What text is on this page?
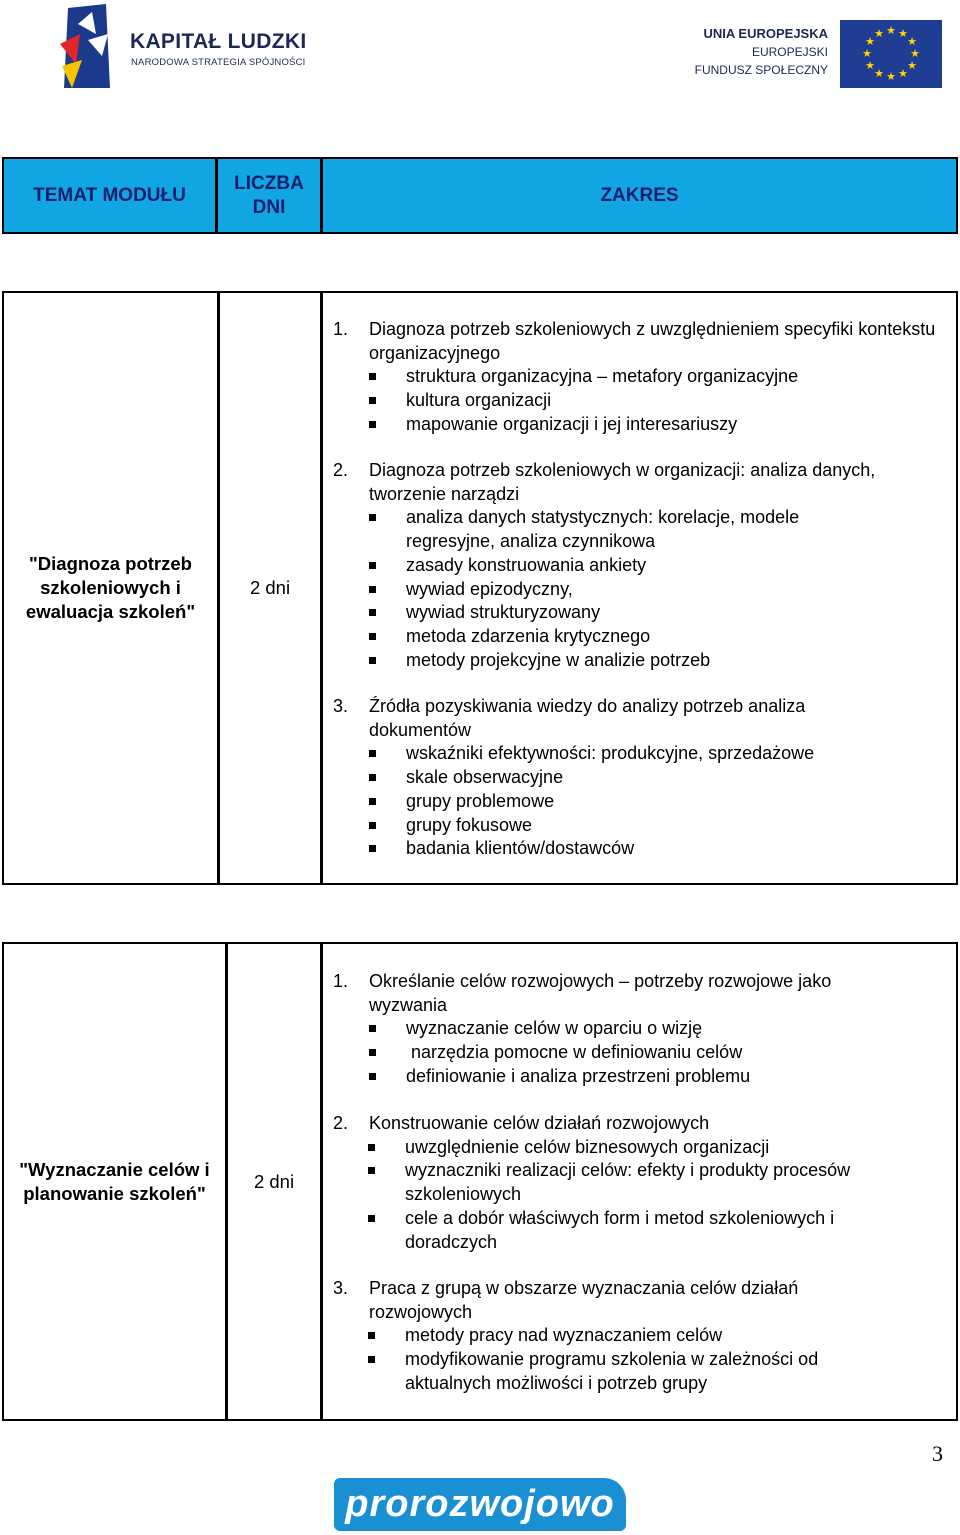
KAPITAŁ LUDZKI
NARODOWA STRATEGIA SPÓJNOŚCI
UNIA EUROPEJSKA
EUROPEJSKI
FUNDUSZ SPOŁECZNY
★ ★
★
★
★
★
★
★
★
★
★
★
TEMAT MODUŁU
LICZBA DNI
ZAKRES
"Diagnoza potrzeb szkoleniowych i ewaluacja szkoleń"
2 dni
1. Diagnoza potrzeb szkoleniowych z uwzględnieniem specyfiki kontekstu organizacyjnego
struktura organizacyjna – metafory organizacyjne
kultura organizacji
mapowanie organizacji i jej interesariuszy
2. Diagnoza potrzeb szkoleniowych w organizacji: analiza danych, tworzenie narządzi
analiza danych statystycznych: korelacje, modele regresyjne, analiza czynnikowa
zasady konstruowania ankiety
wywiad epizodyczny,
wywiad strukturyzowany
metoda zdarzenia krytycznego
metody projekcyjne w analizie potrzeb
3. Źródła pozyskiwania wiedzy do analizy potrzeb analiza dokumentów
wskaźniki efektywności: produkcyjne, sprzedażowe
skale obserwacyjne
grupy problemowe
grupy fokusowe
badania klientów/dostawców
"Wyznaczanie celów i planowanie szkoleń"
2 dni
1. Określanie celów rozwojowych – potrzeby rozwojowe jako wyzwania
wyznaczanie celów w oparciu o wizję
narzędzia pomocne w definiowaniu celów
definiowanie i analiza przestrzeni problemu
2. Konstruowanie celów działań rozwojowych
uwzględnienie celów biznesowych organizacji
wyznaczniki realizacji celów: efekty i produkty procesów szkoleniowych
cele a dobór właściwych form i metod szkoleniowych i doradczych
3. Praca z grupą w obszarze wyznaczania celów działań rozwojowych
metody pracy nad wyznaczaniem celów
modyfikowanie programu szkolenia w zależności od aktualnych możliwości i potrzeb grupy
3
prorozwojowo
